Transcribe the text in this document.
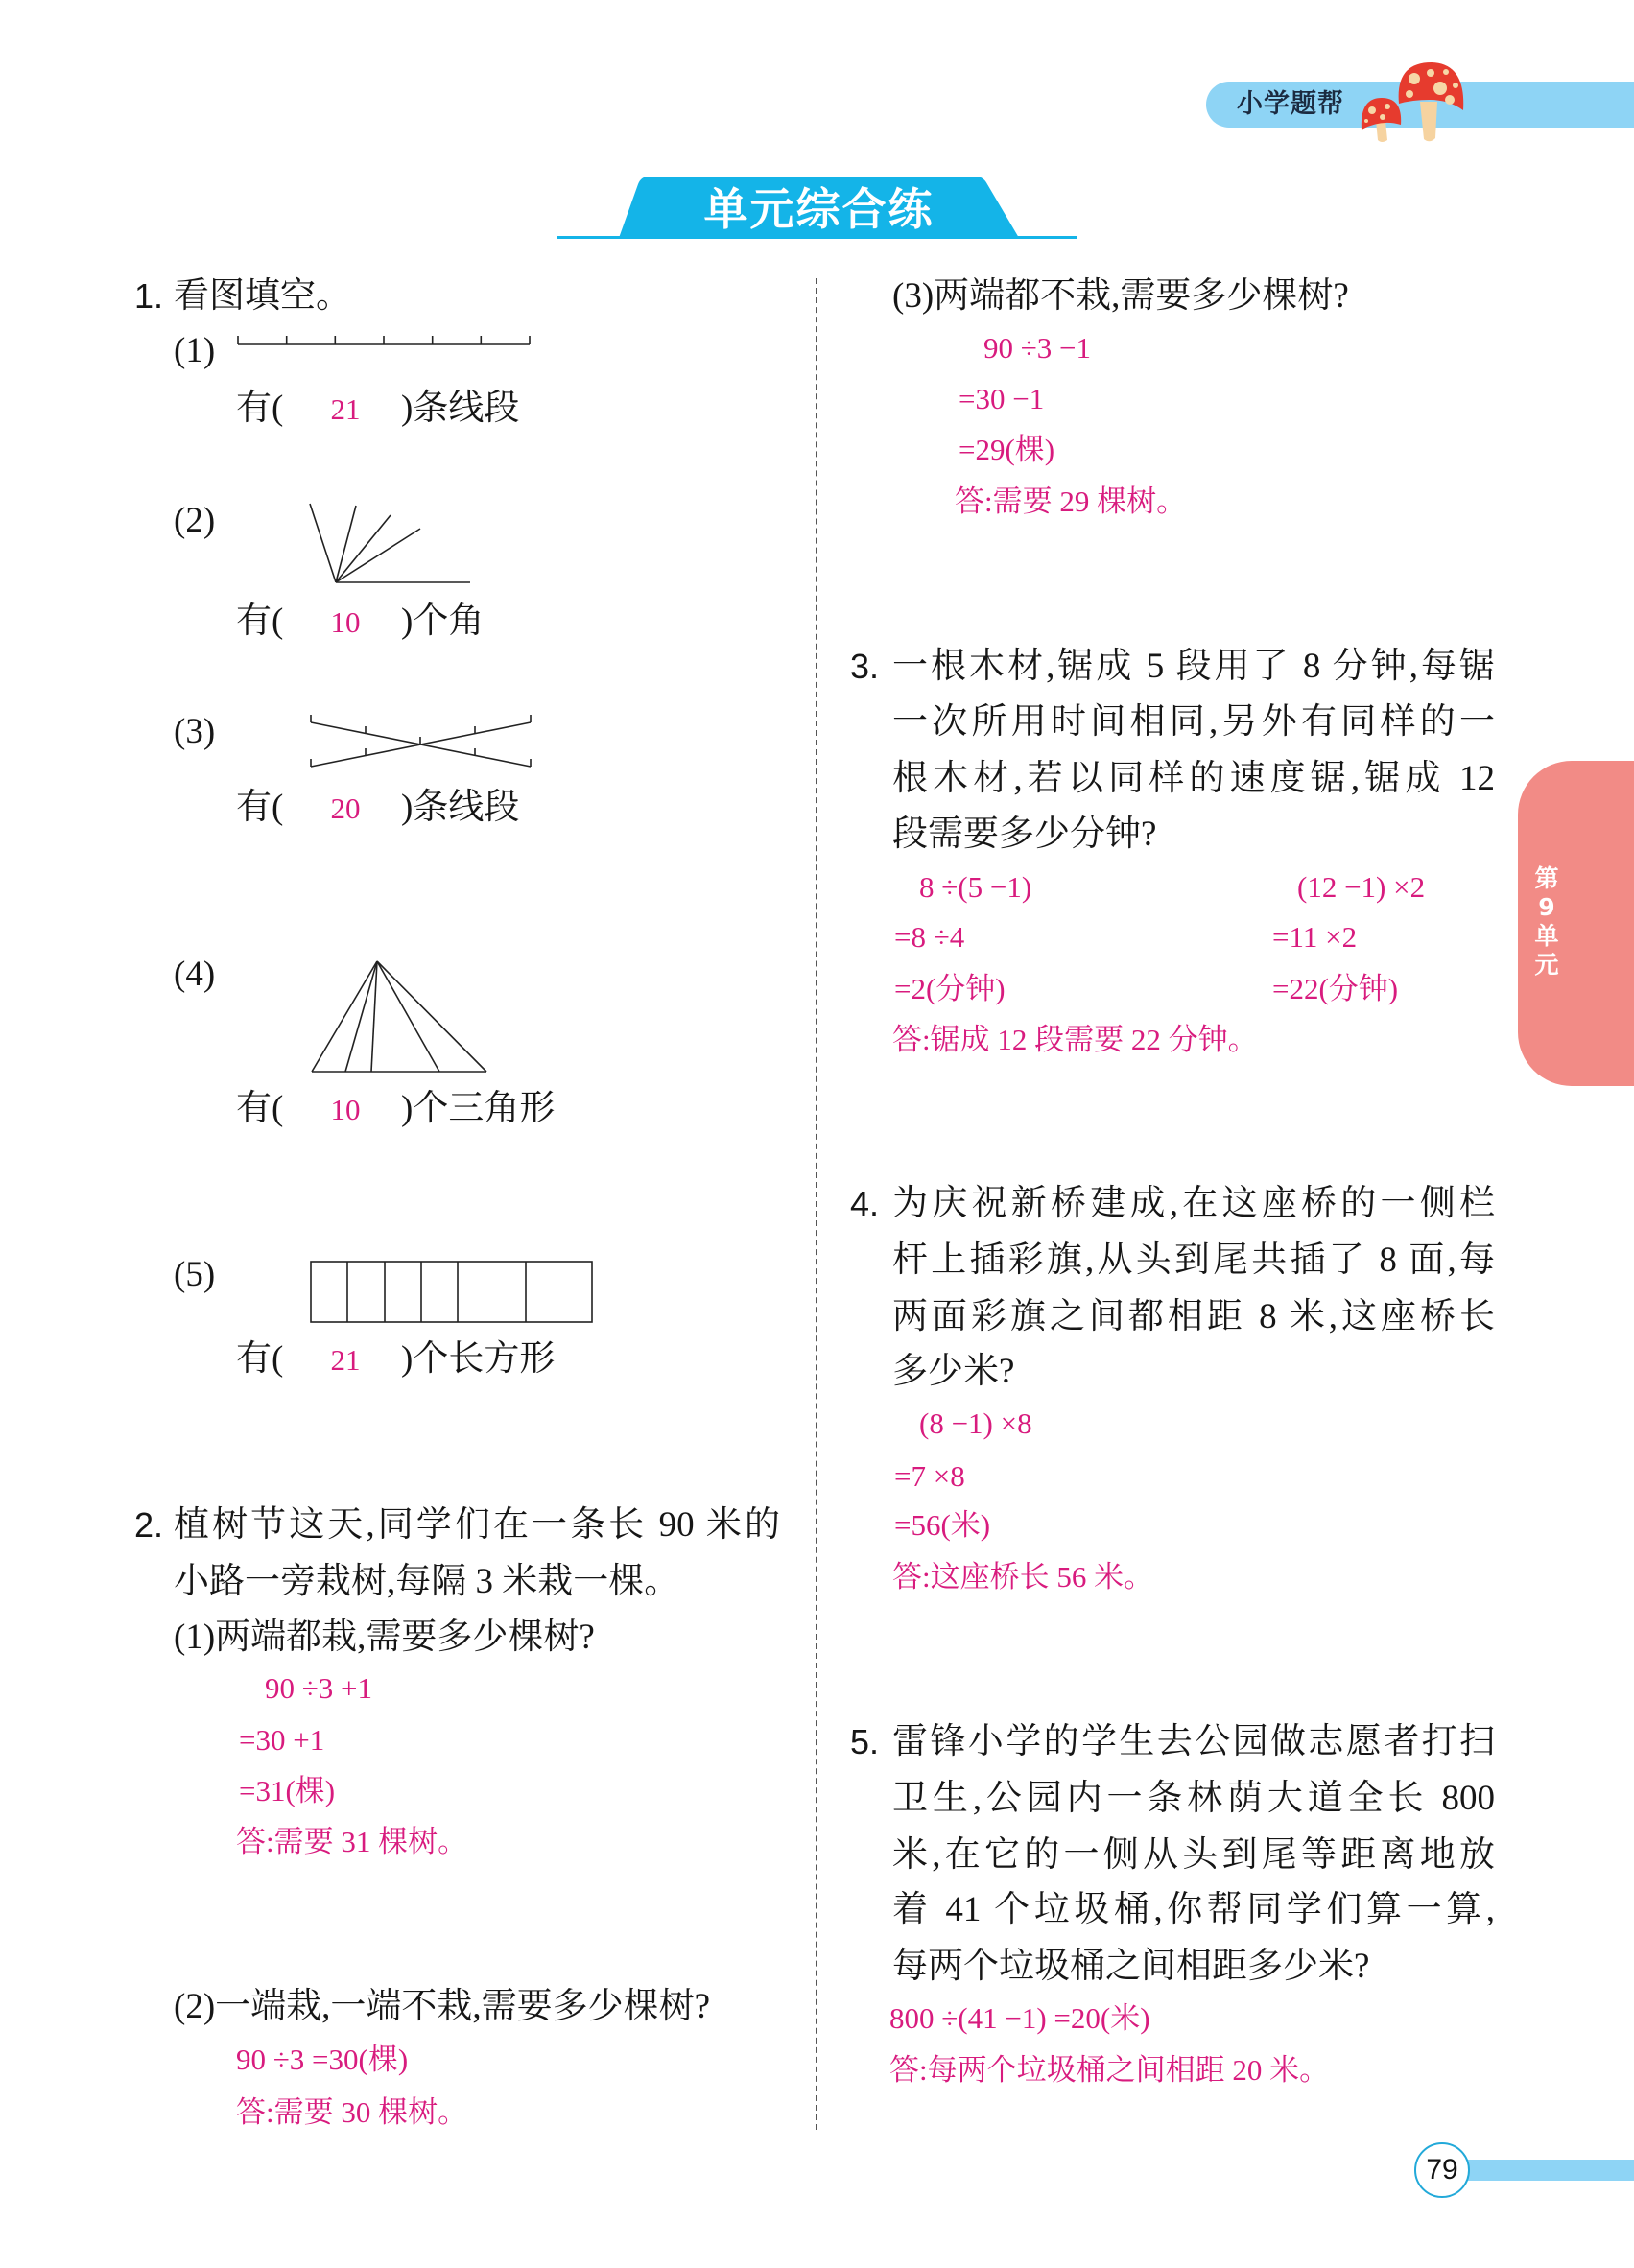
小学题帮
单元综合练
第
9
单
元
1. 看图填空。
(1)
有(	21	)条线段
(2)
有(	10	)个角
(3)
有(	20	)条线段
(4)
有(	10	)个三角形
(5)
有(	21	)个长方形
2. 植树节这天,同学们在一条长 90 米的
小路一旁栽树,每隔 3 米栽一棵。
(1)两端都栽,需要多少棵树?
90 ÷3 +1
=30 +1
=31(棵)
答:需要 31 棵树。
(2)一端栽,一端不栽,需要多少棵树?
90 ÷3 =30(棵)
答:需要 30 棵树。
(3)两端都不栽,需要多少棵树?
90 ÷3 −1
=30 −1
=29(棵)
答:需要 29 棵树。
3. 一根木材,锯成 5 段用了 8 分钟,每锯
一次所用时间相同,另外有同样的一
根木材,若以同样的速度锯,锯成 12
段需要多少分钟?
8 ÷(5 −1)
=8 ÷4
=2(分钟)
(12 −1) ×2
=11 ×2
=22(分钟)
答:锯成 12 段需要 22 分钟。
4. 为庆祝新桥建成,在这座桥的一侧栏
杆上插彩旗,从头到尾共插了 8 面,每
两面彩旗之间都相距 8 米,这座桥长
多少米?
(8 −1) ×8
=7 ×8
=56(米)
答:这座桥长 56 米。
5. 雷锋小学的学生去公园做志愿者打扫
卫生,公园内一条林荫大道全长 800
米,在它的一侧从头到尾等距离地放
着 41 个垃圾桶,你帮同学们算一算,
每两个垃圾桶之间相距多少米?
800 ÷(41 −1) =20(米)
答:每两个垃圾桶之间相距 20 米。
79
